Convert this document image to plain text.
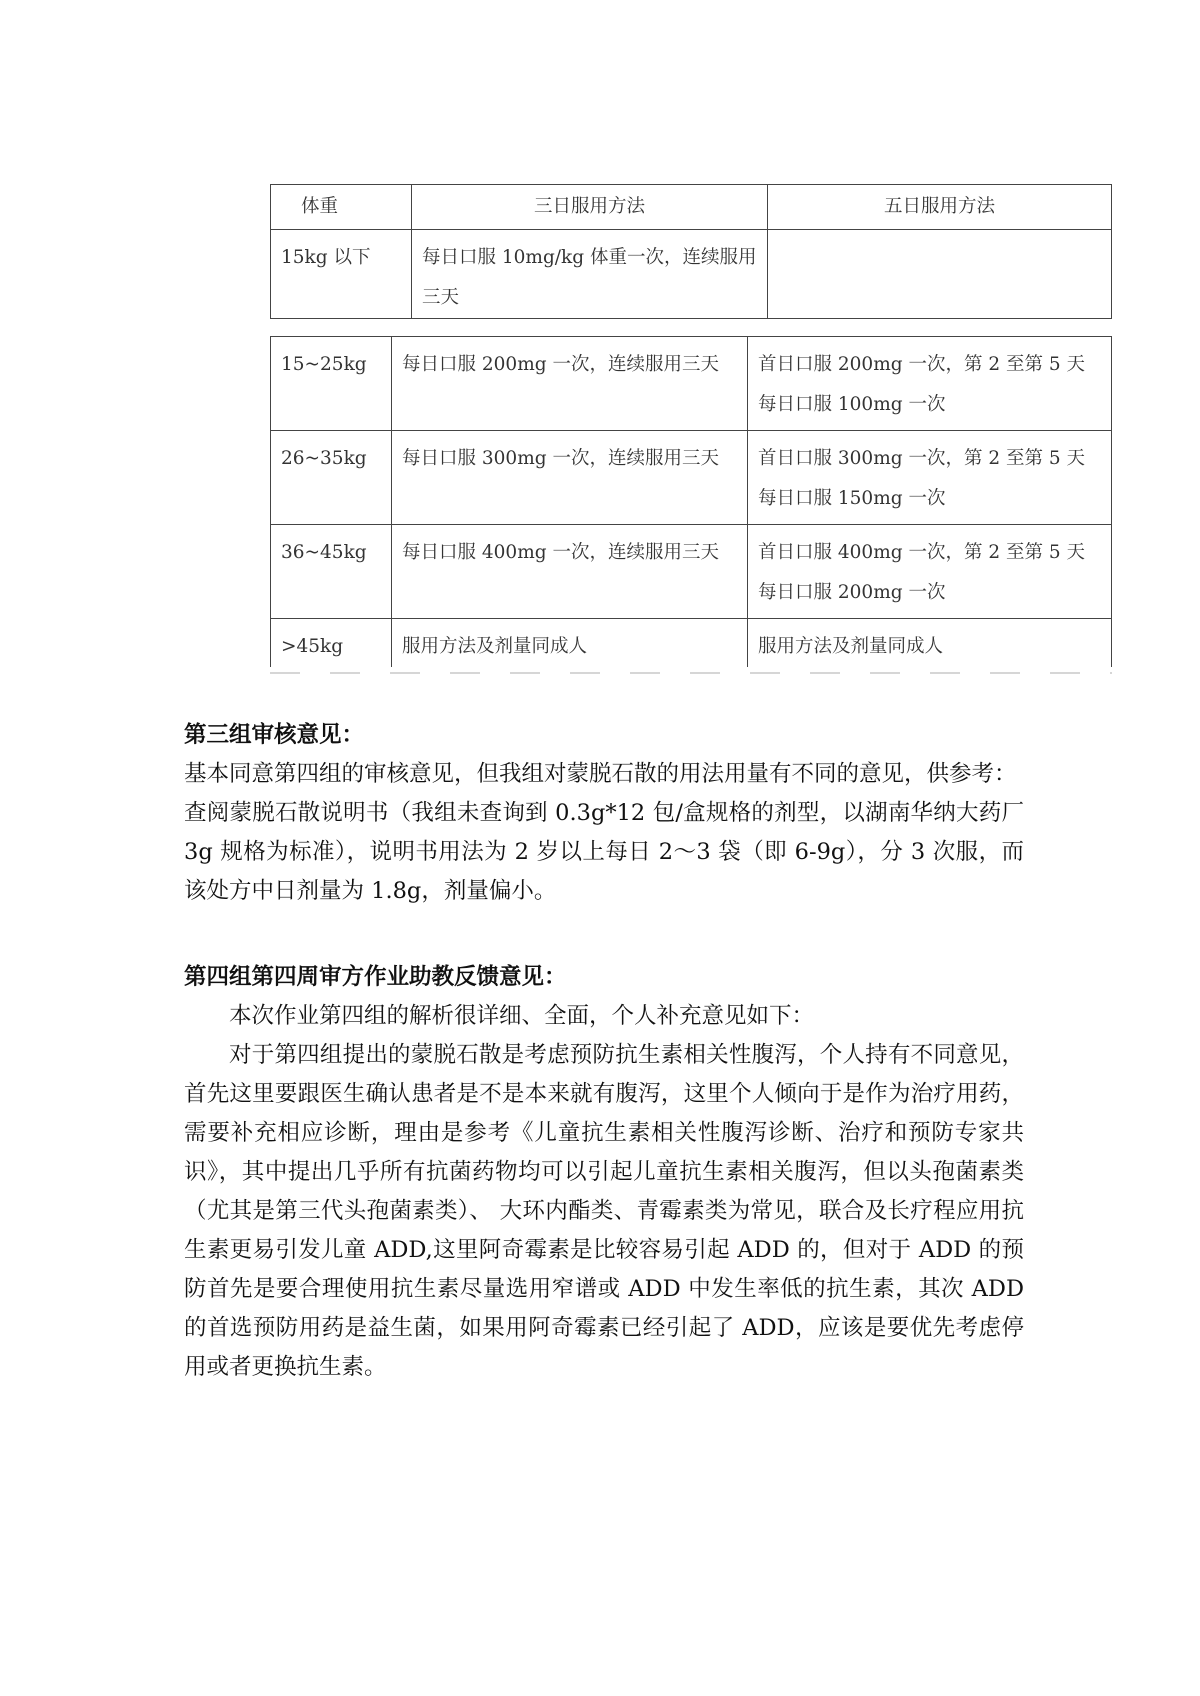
体重	三日服用方法	五日服用方法
15kg 以下	每日口服 10mg/kg 体重一次，连续服用三天	
15~25kg	每日口服 200mg 一次，连续服用三天	首日口服 200mg 一次，第 2 至第 5 天每日口服 100mg 一次
26~35kg	每日口服 300mg 一次，连续服用三天	首日口服 300mg 一次，第 2 至第 5 天每日口服 150mg 一次
36~45kg	每日口服 400mg 一次，连续服用三天	首日口服 400mg 一次，第 2 至第 5 天每日口服 200mg 一次
>45kg	服用方法及剂量同成人	服用方法及剂量同成人

第三组审核意见：

基本同意第四组的审核意见，但我组对蒙脱石散的用法用量有不同的意见，供参考：

查阅蒙脱石散说明书（我组未查询到 0.3g*12 包/盒规格的剂型，以湖南华纳大药厂 3g 规格为标准），说明书用法为 2 岁以上每日 2～3 袋（即 6-9g），分 3 次服，而该处方中日剂量为 1.8g，剂量偏小。

第四组第四周审方作业助教反馈意见：

本次作业第四组的解析很详细、全面，个人补充意见如下：

对于第四组提出的蒙脱石散是考虑预防抗生素相关性腹泻，个人持有不同意见，首先这里要跟医生确认患者是不是本来就有腹泻，这里个人倾向于是作为治疗用药，需要补充相应诊断，理由是参考《儿童抗生素相关性腹泻诊断、治疗和预防专家共识》，其中提出几乎所有抗菌药物均可以引起儿童抗生素相关腹泻，但以头孢菌素类（尤其是第三代头孢菌素类）、 大环内酯类、青霉素类为常见，联合及长疗程应用抗生素更易引发儿童 ADD,这里阿奇霉素是比较容易引起 ADD 的，但对于 ADD 的预防首先是要合理使用抗生素尽量选用窄谱或 ADD 中发生率低的抗生素，其次 ADD 的首选预防用药是益生菌，如果用阿奇霉素已经引起了 ADD，应该是要优先考虑停用或者更换抗生素。
